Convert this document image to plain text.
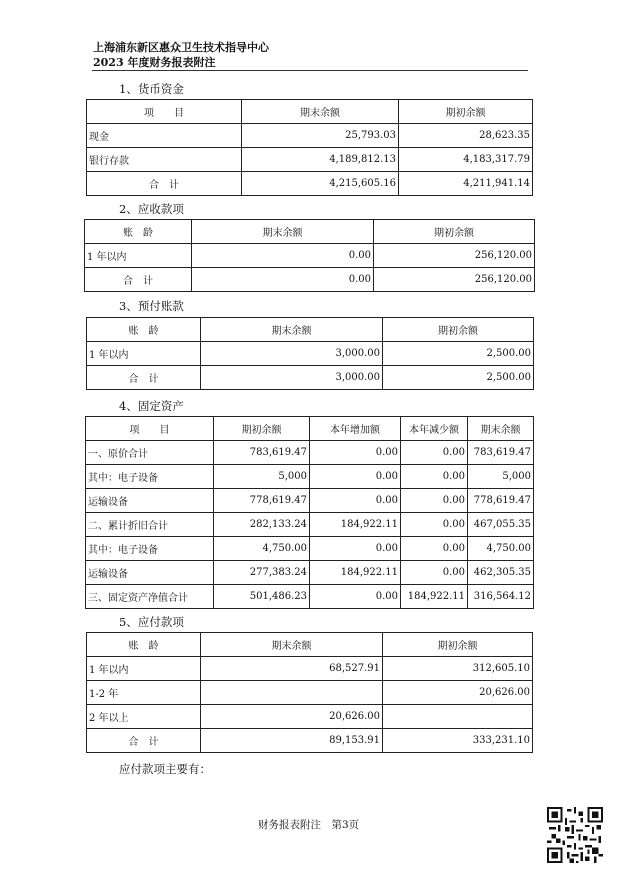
上海浦东新区惠众卫生技术指导中心
2023 年度财务报表附注
1、货币资金
项　　目	期末余额	期初余额
现金	25,793.03	28,623.35
银行存款	4,189,812.13	4,183,317.79
合　计	4,215,605.16	4,211,941.14
2、应收款项
账　龄	期末余额	期初余额
1 年以内	0.00	256,120.00
合　计	0.00	256,120.00
3、预付账款
账　龄	期末余额	期初余额
1 年以内	3,000.00	2,500.00
合　计	3,000.00	2,500.00
4、固定资产
项　　目	期初余额	本年增加额	本年减少额	期末余额
一、原价合计	783,619.47	0.00	0.00	783,619.47
其中：电子设备	5,000	0.00	0.00	5,000
运输设备	778,619.47	0.00	0.00	778,619.47
二、累计折旧合计	282,133.24	184,922.11	0.00	467,055.35
其中：电子设备	4,750.00	0.00	0.00	4,750.00
运输设备	277,383.24	184,922.11	0.00	462,305.35
三、固定资产净值合计	501,486.23	0.00	184,922.11	316,564.12
5、应付款项
账　龄	期末余额	期初余额
1 年以内	68,527.91	312,605.10
1-2 年		20,626.00
2 年以上	20,626.00	
合　计	89,153.91	333,231.10
应付款项主要有：
财务报表附注　第3页
